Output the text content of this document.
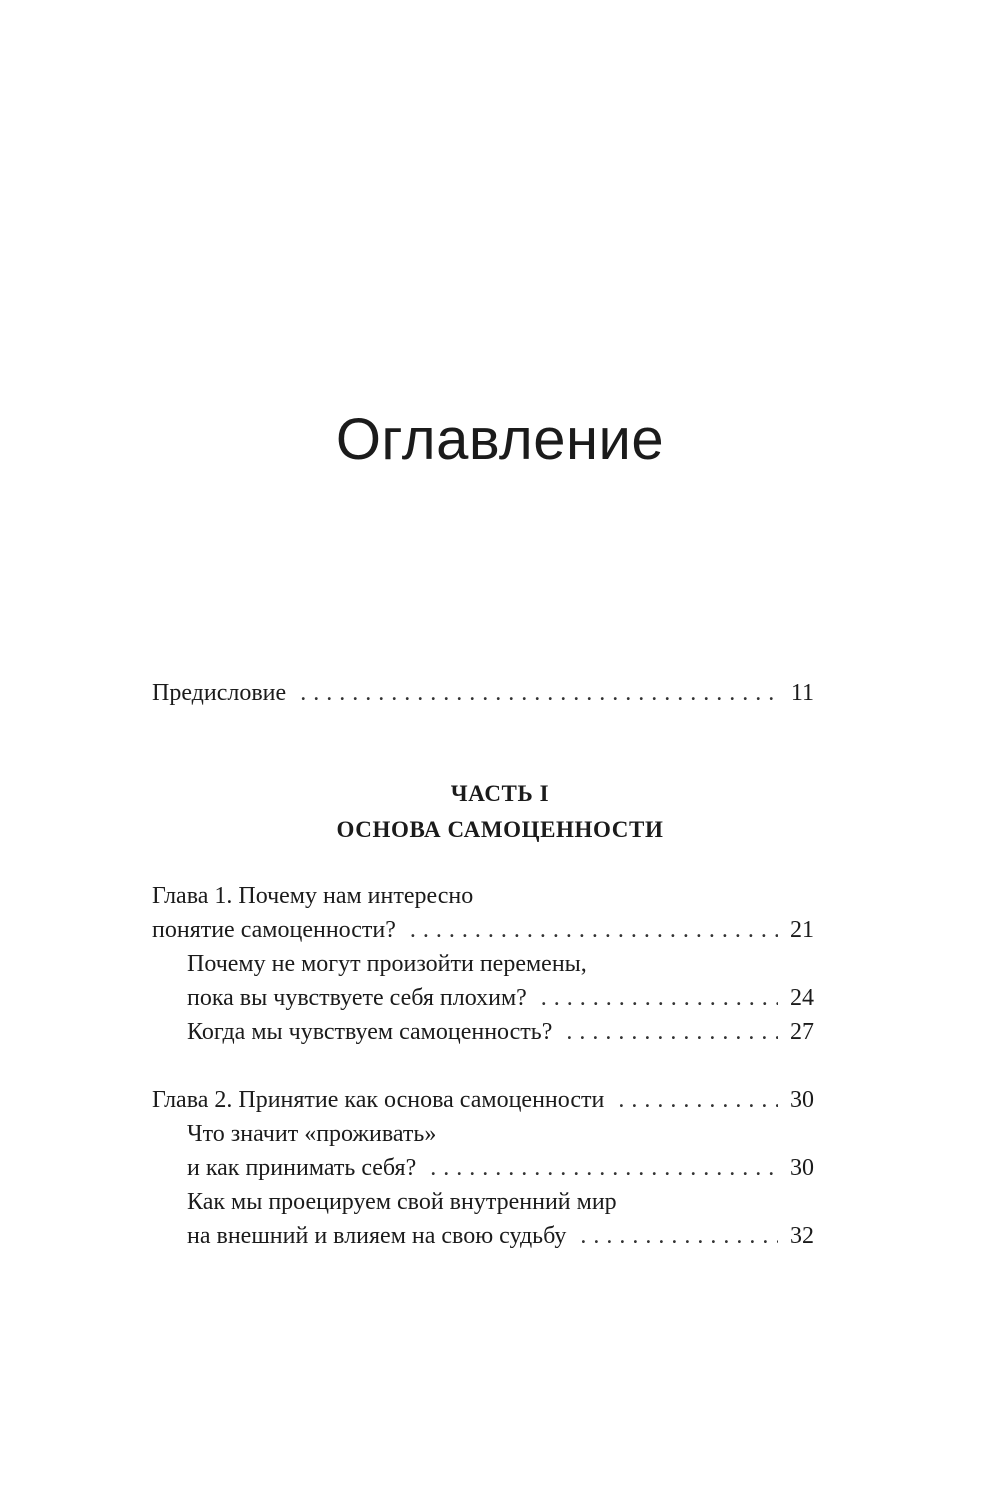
Оглавление
ЧАСТЬ I
ОСНОВА САМОЦЕННОСТИ
Предисловие . . .	11
Глава 1. Почему нам интересно
понятие самоценности? . . .	21
Почему не могут произойти перемены,
пока вы чувствуете себя плохим? . . .	24
Когда мы чувствуем самоценность? . . .	27
Глава 2. Принятие как основа самоценности . . .	30
Что значит «проживать»
и как принимать себя? . . .	30
Как мы проецируем свой внутренний мир
на внешний и влияем на свою судьбу . . .	32
